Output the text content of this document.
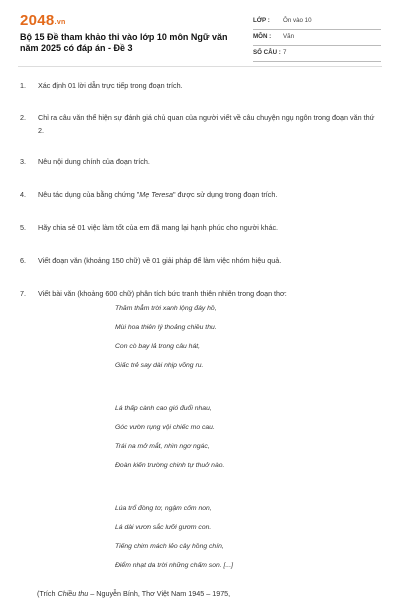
2048.vn
Bộ 15 Đề tham khảo thi vào lớp 10 môn Ngữ văn năm 2025 có đáp án - Đề 3
LỚP : Ôn vào 10
MÔN : Văn
SỐ CÂU : 7
1.	Xác định 01 lời dẫn trực tiếp trong đoạn trích.
2.	Chỉ ra câu văn thể hiện sự đánh giá chủ quan của người viết về câu chuyện ngụ ngôn trong đoạn văn thứ 2.
3.	Nêu nội dung chính của đoạn trích.
4.	Nêu tác dụng của bằng chứng "Mẹ Teresa" được sử dụng trong đoạn trích.
5.	Hãy chia sẻ 01 việc làm tốt của em đã mang lại hạnh phúc cho người khác.
6.	Viết đoạn văn (khoảng 150 chữ) về 01 giải pháp để làm việc nhóm hiệu quả.
7.	Viết bài văn (khoảng 600 chữ) phân tích bức tranh thiên nhiên trong đoạn thơ:
Thăm thẳm trời xanh lộng đáy hồ,
Mùi hoa thiên lý thoảng chiều thu.
Con cò bay lả trong câu hát,
Giấc trẻ say dài nhịp võng ru.
Lá thấp cành cao gió đuổi nhau,
Góc vườn rụng vội chiếc mo cau.
Trái na mở mắt, nhìn ngơ ngác,
Đoàn kiến trường chinh tự thuở nào.
Lúa trổ đòng tơ, ngậm cốm non,
Lá dài vươn sắc lưỡi gươm con.
Tiếng chim mách lẻo cây hồng chín,
Điểm nhạt da trời những chấm son. [...]
(Trích Chiều thu – Nguyễn Bính, Thơ Việt Nam 1945 – 1975,
